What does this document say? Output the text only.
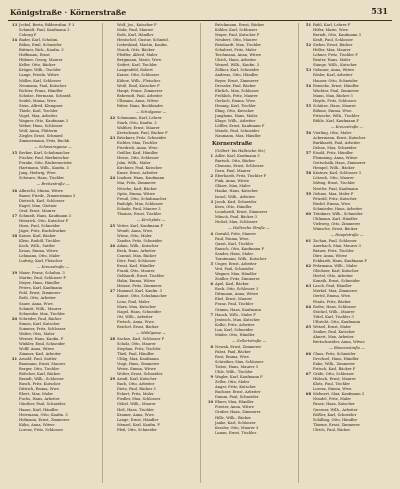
Königstraße · Körnerstraße	531
13 Jeckel, Berta, Bilderrahm. F 3
Schmidt, Paul, Kaufmann 3
Coburg F
14 Bader, Karl, Schuhm.
Böhm, Emil, Schneider
Büttner, Rich., Kaufm. 3
Hoffmann, Ernst
Hübner, Georg, Maurer
Keller, Otto, Bäcker
Krüger, Wilh., Tischler
Lange, Frieda, Witwe
Möller, Karl, Schlosser
Neumann, Paul, Kutscher
Richter, Franz, Händler
Schulze, Hermann, Schneid.
Seidel, Minna, Wwe.
Stein, Alfred, Klempner
Thiele, Karl, Tischler
Vogel, Max, Arbeiter
Wagner, Otto, Kaufmann 3
Weber, Hans, Schlosser
Wolf, Anna, Plätterin
Ziegler, Ernst, Schmied
Zimmermann, Fritz, Buchb.
— Schweinsgasse —
15 Becker, Karl, Schuhmacher
Fischer, Paul, Bierkutscher
Franke, Otto, Bäckermeister
Hartmann, Wilh., Kaufm. 3
Jung, Hedwig, Wwe.
Schwarz, Hans, Tischler
— Breitestraße —
16 Albrecht, Minna, Witwe
Bauer, Friedr., Zimmermann 3
Dietrich, Karl, Schlosser
Engel, Max, Gärtner
Graf, Ernst, Maurer
17 Schmidt, Hans, Kaufmann 3
Heinrich, Otto, Kutscher F
Horn, Paul, Schneider
Jäger, Fritz, Buchdrucker
18 Kaiser, Karl, Bäcker
Klein, Rudolf, Tischler
Koch, Wilh., Sattler
Kraus, Emma, Witwe
Lehmann, Otto, Maler
Ludwig, Karl, Fleischer
— Kreuzstraße —
19 Maier, Franz, Schuhm. 3
Martin, Paul, Schlosser F
Meyer, Hans, Händler
Peters, Karl, Kaufmann
Pohl, Ernst, Zimmerer
Roth, Otto, Arbeiter
Sauer, Anna, Wwe.
Schmitt, Wilh., Maurer
Schneider, Max, Tischler
20 Schröder, Paul, Bäcker
Simon, Karl, Kutscher
Sommer, Fritz, Schlosser
Walter, Otto, Maler
Werner, Hans, Kaufm. F
Winkler, Emil, Schneider
Wolff, Anna, Witwe
Zimmer, Karl, Arbeiter
21 Arnold, Paul, Sattler
Baumann, Ernst, Maurer
Berger, Otto, Tischler
Böttcher, Karl, Bäcker
Brandt, Wilh., Schlosser
Busch, Fritz, Kutscher
Dittrich, Emma, Wwe.
Ebert, Max, Maler
Fuchs, Hans, Arbeiter
Günther, Paul, Schneider
Haase, Karl, Händler
Herrmann, Otto, Kaufm. 3
Hofmann, Ernst, Zimmerer
Kühn, Anna, Witwe
Lorenz, Fritz, Schlosser
Wolf, Jos., Kutscher F
Mohr, Paul, Maurer
Roth, Karl, Händler
Hentschel, Gustav, Schneid.
Liebeskind, Martin, Kaufm.
Noack, Otto, Bäcker
Pfeiffer, Alfred, Maler
Bergmann, Marie, Wwe.
Seifert, Karl, Tischler
Langenfeld, Robert
Kaiser, Otto, Schlosser
Kühne, Wilh., Fleischer
Weiß, Emil, Kutscher F
Haupt, Franz, Zimmerer
Behrendt, Paul, Arbeiter
Ullmann, Anna, Witwe
Ritter, Hans, Buchbinder
— Schulgasse —
22 Schumann, Karl, Lehrer
Stark, Otto, Kaufm. 3
Walther, Ernst, Maurer
Kretschmer, Paul, Bäcker F
23 Brückner, Fritz, Schneider
Eichler, Max, Tischler
Friedrich, Anna, Wwe.
Geißler, Karl, Händler
Hesse, Otto, Schlosser
Jahn, Wilh., Maler
Kirchner, Paul, Kutscher
Knorr, Ernst, Arbeiter
24 Lindner, Hans, Kaufmann
Mai, Fritz, Zimmerer
Nitsche, Karl, Bäcker
Opitz, Emma, Witwe
Preuß, Otto, Schuhmacher
Rudolph, Max, Schlosser
Schade, Paul, Maurer 3
Thomas, Ernst, Tischler
— Kirchplatz —
25 Vetter, Karl, Kaufmann F
Wendt, Anna, Wwe.
Wiese, Otto, Maler
Zander, Fritz, Schneider
26 Adam, Wilh., Kutscher
Beck, Hans, Arbeiter
Conrad, Max, Bäcker
Dörr, Paul, Schlosser
Ernst, Karl, Händler
Frank, Otto, Maurer
Gebhardt, Ernst, Tischler
Hahn, Emma, Witwe
Heinze, Fritz, Zimmerer
27 Hummel, Karl, Kaufm. 3
Kunze, Otto, Schuhmacher
Lenz, Paul, Maler
Marx, Max, Kutscher
Nagel, Hans, Schneider
Ott, Wilh., Arbeiter
Pietsch, Anna, Wwe.
Reichel, Ernst, Bäcker
— Mühlgasse —
28 Sachse, Karl, Schlosser F
Scholz, Otto, Maurer
Stephan, Fritz, Tischler
Thiel, Paul, Händler
Uhlig, Max, Kaufmann
Voigt, Hans, Zimmerer
Weise, Emma, Witwe
Wolter, Ernst, Schneider
29 Arndt, Karl, Kutscher
Bach, Otto, Arbeiter
Dietz, Paul, Bäcker 3
Eckert, Fritz, Maler
Fiedler, Max, Schlosser
Göbel, Wilh., Maurer
Heß, Hans, Tischler
Kramer, Anna, Wwe.
Lange, Ernst, Händler
Menzel, Karl, Kaufm. F
Pfeil, Otto, Schneider
Brückmann, Ernst, Bäcker
Köhler, Karl, Schlosser
Mayer, Paul, Kutscher F
Neubert, Otto, Maurer
Reinhardt, Max, Tischler
Schubert, Fritz, Maler
Teichmann, Anna, Witwe
Ulrich, Hans, Arbeiter
Wenzel, Wilh., Kaufm. 3
Zöllner, Karl, Schneider
Andreas, Otto, Händler
Beyer, Ernst, Zimmerer
Dressler, Paul, Bäcker
Ehrlich, Max, Schlosser
Fröhlich, Fritz, Maurer
Gerlach, Emma, Wwe.
Hennig, Karl, Tischler
Illing, Otto, Kutscher
Junghans, Hans, Maler
Kluge, Wilh., Arbeiter
Löffler, Ernst, Kaufmann F
Mende, Paul, Schneider
Naumann, Max, Händler
Körnerstraße
(Gellert- bis Hallesche Str.)
1 Adler, Karl, Kaufmann 3
Bartsch, Otto, Bäcker
Clemens, Ernst, Schlosser
Dorn, Paul, Maurer
2 Eberhardt, Fritz, Tischler F
Fink, Anna, Witwe
Gläser, Max, Maler
Hanke, Hans, Kutscher
Israel, Wilh., Arbeiter
3 Jacob, Karl, Schneider
Kern, Otto, Händler
Leonhardt, Ernst, Zimmerer
Münch, Paul, Bäcker 3
Nickel, Max, Schlosser
— Hallesche Straße —
4 Oswald, Fritz, Maurer
Paul, Emma, Wwe.
Quast, Karl, Tischler
Rausch, Otto, Kaufmann F
Sander, Hans, Maler
Trautmann, Wilh., Kutscher
5 Unger, Ernst, Arbeiter
Veit, Paul, Schneider
Wagner, Max, Händler
Zeidler, Fritz, Zimmerer
6 Apel, Karl, Bäcker
Bock, Otto, Schlosser 3
Dittmann, Anna, Witwe
Ebel, Ernst, Maurer
Franz, Paul, Tischler
Grimm, Hans, Kaufmann
7 Hauck, Wilh., Maler F
Jentzsch, Max, Kutscher
Kolbe, Fritz, Arbeiter
Lux, Karl, Schneider
Mäder, Otto, Händler
— Gellertstraße —
8 Nowak, Ernst, Zimmerer
Pabst, Paul, Bäcker
Rost, Emma, Wwe.
Schreiber, Max, Schlosser
Tietze, Hans, Maurer 3
Uhle, Wilh., Tischler
9 Wagler, Karl, Kaufmann F
Zeller, Otto, Maler
Anger, Fritz, Kutscher
Buchner, Ernst, Arbeiter
Damm, Paul, Schneider
10 Ebner, Max, Händler
Forster, Anna, Witwe
Gruber, Hans, Zimmerer
Hille, Wilh., Bäcker
Janke, Karl, Schlosser
Kessler, Otto, Maurer 3
Lamm, Ernst, Tischler
51 Ruhl, Karl, Lehrer F
Höfer, Marie, Wwe.
Berndt, Otto, Kaufmann 3
Kraft, Paul, Schlosser
52 Sieber, Ernst, Bäcker
Heller, Max, Maurer
Lehner, Fritz, Tischler F
Reuter, Hans, Maler
Stange, Wilh., Kutscher
53 Gebauer, Anna, Witwe
Rösler, Karl, Arbeiter
Hauser, Otto, Schneider
54 Reinicke, Ernst, Händler
Wächter, Paul, Zimmerer
Mann, Max, Bäcker 3
Heyde, Fritz, Schlosser
55 Schütze, Hans, Maurer
Böhme, Emma, Wwe.
Fritzsche, Wilh., Tischler
Rühle, Karl, Kaufmann F
— Kreuzstraße —
56 Vierling, Otto, Maler
Ackermann, Ernst, Kutscher
Burkhardt, Paul, Arbeiter
Dehne, Max, Schneider
57 Eisold, Fritz, Händler
Flemming, Anna, Witwe
Gottschalk, Hans, Zimmerer
Hempel, Wilh., Bäcker
58 Kästner, Karl, Schlosser 3
Lötzsch, Otto, Maurer
Mittag, Ernst, Tischler
Nestler, Paul, Kaufmann
59 Oehme, Max, Maler F
Petzold, Fritz, Kutscher
Riedel, Emma, Wwe.
Schmieder, Hans, Arbeiter
60 Tränkner, Wilh., Schneider
Uhlmann, Karl, Händler
Viehweg, Otto, Zimmerer
Wünsche, Ernst, Bäcker
— Hauptstraße —
61 Zschau, Paul, Schlosser
Auerbach, Max, Maurer 3
Bräuer, Fritz, Tischler
Dürr, Anna, Witwe
Eckhardt, Hans, Kaufmann F
62 Fehrmann, Wilh., Maler
Glöckner, Karl, Kutscher
Hertel, Otto, Arbeiter
Kunath, Ernst, Schneider
63 Lasch, Paul, Händler
Merkel, Max, Zimmerer
Oertel, Emma, Wwe.
Pönitz, Fritz, Bäcker
64 Rothe, Hans, Schlosser
Stöckel, Wilh., Maurer
Tittel, Karl, Tischler 3
Ulbricht, Otto, Kaufmann
65 Wetzel, Ernst, Maler
Zenker, Paul, Kutscher
Ahnert, Max, Arbeiter
Bretschneider, Anna, Witwe
— Blumenstraße —
66 Claus, Fritz, Schneider
Drechsel, Hans, Händler
Enke, Wilh., Zimmerer
Fritsch, Karl, Bäcker F
67 Gräfe, Otto, Schlosser
Hübsch, Ernst, Maurer
Klotz, Paul, Tischler
Lorenz, Emma, Wwe.
68 Mehnert, Max, Kaufmann 3
Nündel, Fritz, Maler
Pause, Hans, Kutscher
Querner, Wilh., Arbeiter
Rößler, Karl, Schneider
Schilling, Otto, Händler
Thieme, Ernst, Zimmerer
Ulrich, Paul, Bäcker
